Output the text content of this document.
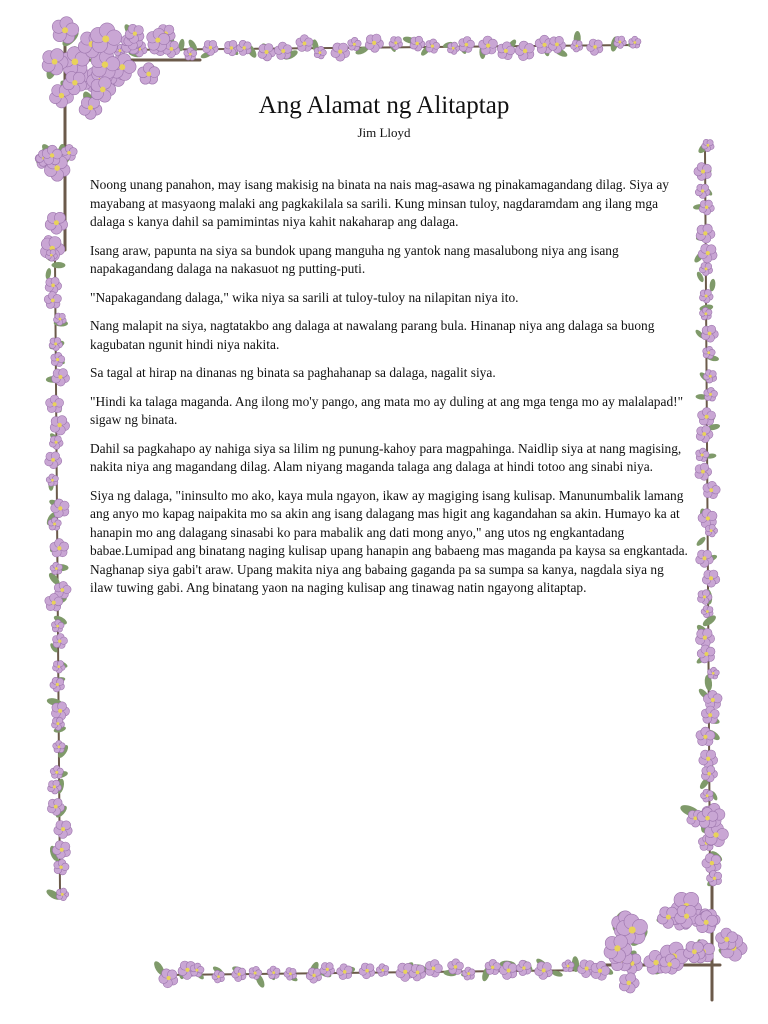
Ang Alamat ng Alitaptap
Jim Lloyd

Noong unang panahon, may isang makisig na binata na nais mag-asawa ng pinakamagandang dilag. Siya ay mayabang at masyaong malaki ang pagkakilala sa sarili. Kung minsan tuloy, nagdaramdam ang ilang mga dalaga s kanya dahil sa pamimintas niya kahit nakaharap ang dalaga.

Isang araw, papunta na siya sa bundok upang manguha ng yantok nang masalubong niya ang isang napakagandang dalaga na nakasuot ng putting-puti.

"Napakagandang dalaga," wika niya sa sarili at tuloy-tuloy na nilapitan niya ito.

Nang malapit na siya, nagtatakbo ang dalaga at nawalang parang bula. Hinanap niya ang dalaga sa buong kagubatan ngunit hindi niya nakita.

Sa tagal at hirap na dinanas ng binata sa paghahanap sa dalaga, nagalit siya.

"Hindi ka talaga maganda. Ang ilong mo'y pango, ang mata mo ay duling at ang mga tenga mo ay malalapad!" sigaw ng binata.

Dahil sa pagkahapo ay nahiga siya sa lilim ng punung-kahoy para magpahinga. Naidlip siya at nang magising, nakita niya ang magandang dilag. Alam niyang maganda talaga ang dalaga at hindi totoo ang sinabi niya.

Siya ng dalaga, "ininsulto mo ako, kaya mula ngayon, ikaw ay magiging isang kulisap. Manunumbalik lamang ang anyo mo kapag naipakita mo sa akin ang isang dalagang mas higit ang kagandahan sa akin. Humayo ka at hanapin mo ang dalagang sinasabi ko para mabalik ang dati mong anyo," ang utos ng engkantadang babae.Lumipad ang binatang naging kulisap upang hanapin ang babaeng mas maganda pa kaysa sa engkantada. Naghanap siya gabi't araw. Upang makita niya ang babaing gaganda pa sa sumpa sa kanya, nagdala siya ng ilaw tuwing gabi. Ang binatang yaon na naging kulisap ang tinawag natin ngayong alitaptap.
